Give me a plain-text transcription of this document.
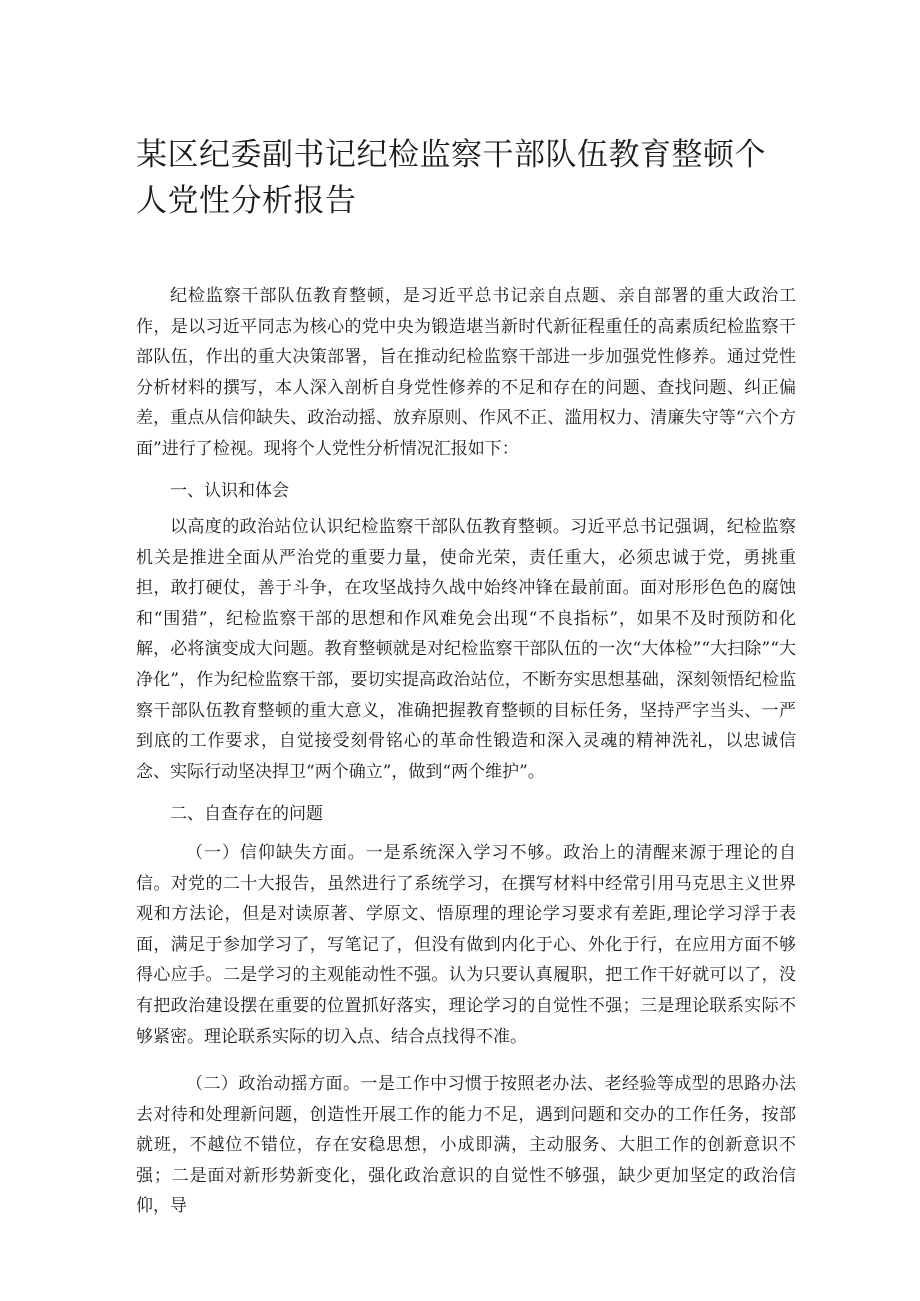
某区纪委副书记纪检监察干部队伍教育整顿个人党性分析报告

纪检监察干部队伍教育整顿，是习近平总书记亲自点题、亲自部署的重大政治工作，是以习近平同志为核心的党中央为锻造堪当新时代新征程重任的高素质纪检监察干部队伍，作出的重大决策部署，旨在推动纪检监察干部进一步加强党性修养。通过党性分析材料的撰写，本人深入剖析自身党性修养的不足和存在的问题、查找问题、纠正偏差，重点从信仰缺失、政治动摇、放弃原则、作风不正、滥用权力、清廉失守等“六个方面”进行了检视。现将个人党性分析情况汇报如下：

一、认识和体会

以高度的政治站位认识纪检监察干部队伍教育整顿。习近平总书记强调，纪检监察机关是推进全面从严治党的重要力量，使命光荣，责任重大，必须忠诚于党，勇挑重担，敢打硬仗，善于斗争，在攻坚战持久战中始终冲锋在最前面。面对形形色色的腐蚀和“围猎”，纪检监察干部的思想和作风难免会出现“不良指标”，如果不及时预防和化解，必将演变成大问题。教育整顿就是对纪检监察干部队伍的一次“大体检”“大扫除”“大净化”，作为纪检监察干部，要切实提高政治站位，不断夯实思想基础，深刻领悟纪检监察干部队伍教育整顿的重大意义，准确把握教育整顿的目标任务，坚持严字当头、一严到底的工作要求，自觉接受刻骨铭心的革命性锻造和深入灵魂的精神洗礼，以忠诚信念、实际行动坚决捍卫“两个确立”，做到“两个维护”。

二、自查存在的问题

（一）信仰缺失方面。一是系统深入学习不够。政治上的清醒来源于理论的自信。对党的二十大报告，虽然进行了系统学习，在撰写材料中经常引用马克思主义世界观和方法论，但是对读原著、学原文、悟原理的理论学习要求有差距,理论学习浮于表面，满足于参加学习了，写笔记了，但没有做到内化于心、外化于行，在应用方面不够得心应手。二是学习的主观能动性不强。认为只要认真履职，把工作干好就可以了，没有把政治建设摆在重要的位置抓好落实，理论学习的自觉性不强；三是理论联系实际不够紧密。理论联系实际的切入点、结合点找得不准。

（二）政治动摇方面。一是工作中习惯于按照老办法、老经验等成型的思路办法去对待和处理新问题，创造性开展工作的能力不足，遇到问题和交办的工作任务，按部就班，不越位不错位，存在安稳思想，小成即满，主动服务、大胆工作的创新意识不强；二是面对新形势新变化，强化政治意识的自觉性不够强，缺少更加坚定的政治信仰，导
